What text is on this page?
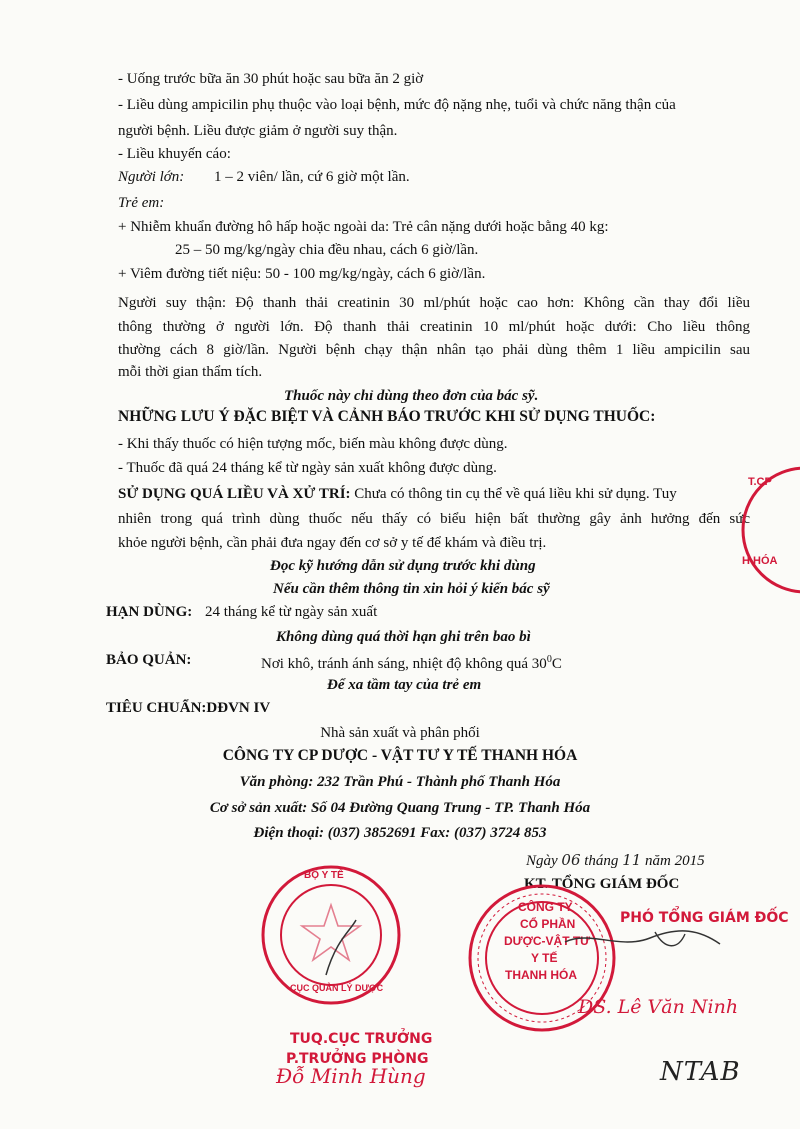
- Uống trước bữa ăn 30 phút hoặc sau bữa ăn 2 giờ
- Liều dùng ampicilin phụ thuộc vào loại bệnh, mức độ nặng nhẹ, tuổi và chức năng thận của
người bệnh. Liều được giảm ở người suy thận.
- Liều khuyến cáo:
Người lớn: 1 – 2 viên/ lần, cứ 6 giờ một lần.
Trẻ em:
+ Nhiễm khuẩn đường hô hấp hoặc ngoài da: Trẻ cân nặng dưới hoặc bằng 40 kg:
25 – 50 mg/kg/ngày chia đều nhau, cách 6 giờ/lần.
+ Viêm đường tiết niệu: 50 - 100 mg/kg/ngày, cách 6 giờ/lần.
Người suy thận: Độ thanh thải creatinin 30 ml/phút hoặc cao hơn: Không cần thay đổi liều
thông thường ở người lớn. Độ thanh thải creatinin 10 ml/phút hoặc dưới: Cho liều thông
thường cách 8 giờ/lần. Người bệnh chạy thận nhân tạo phải dùng thêm 1 liều ampicilin sau
mỗi thời gian thẩm tích.
Thuốc này chỉ dùng theo đơn của bác sỹ.
NHỮNG LƯU Ý ĐẶC BIỆT VÀ CẢNH BÁO TRƯỚC KHI SỬ DỤNG THUỐC:
- Khi thấy thuốc có hiện tượng mốc, biến màu không được dùng.
- Thuốc đã quá 24 tháng kể từ ngày sản xuất không được dùng.
SỬ DỤNG QUÁ LIỀU VÀ XỬ TRÍ: Chưa có thông tin cụ thể về quá liều khi sử dụng. Tuy
nhiên trong quá trình dùng thuốc nếu thấy có biểu hiện bất thường gây ảnh hưởng đến sức
khỏe người bệnh, cần phải đưa ngay đến cơ sở y tế để khám và điều trị.
Đọc kỹ hướng dẫn sử dụng trước khi dùng
Nếu cần thêm thông tin xin hỏi ý kiến bác sỹ
HẠN DÙNG: 24 tháng kể từ ngày sản xuất
Không dùng quá thời hạn ghi trên bao bì
BẢO QUẢN:	Nơi khô, tránh ánh sáng, nhiệt độ không quá $30^0C$
Để xa tầm tay của trẻ em
TIÊU CHUẨN:DĐVN IV
Nhà sản xuất và phân phối
CÔNG TY CP DƯỢC - VẬT TƯ Y TẾ THANH HÓA
Văn phòng: 232 Trần Phú - Thành phố Thanh Hóa
Cơ sở sản xuất: Số 04 Đường Quang Trung - TP. Thanh Hóa
Điện thoại: (037) 3852691 Fax: (037) 3724 853
Ngày 06 tháng 11 năm 2015
KT. TỔNG GIÁM ĐỐC
CÔNG TY
CỔ PHẦN
DƯỢC-VẬT TƯ
Y TẾ
THANH HÓA
PHÓ TỔNG GIÁM ĐỐC
DS. Lê Văn Ninh
BỘ Y TẾ
CỤC QUẢN LÝ DƯỢC
TUQ.CỤC TRƯỞNG
P.TRƯỞNG PHÒNG
Đỗ Minh Hùng
T.CP
H HÓA
NTAB
